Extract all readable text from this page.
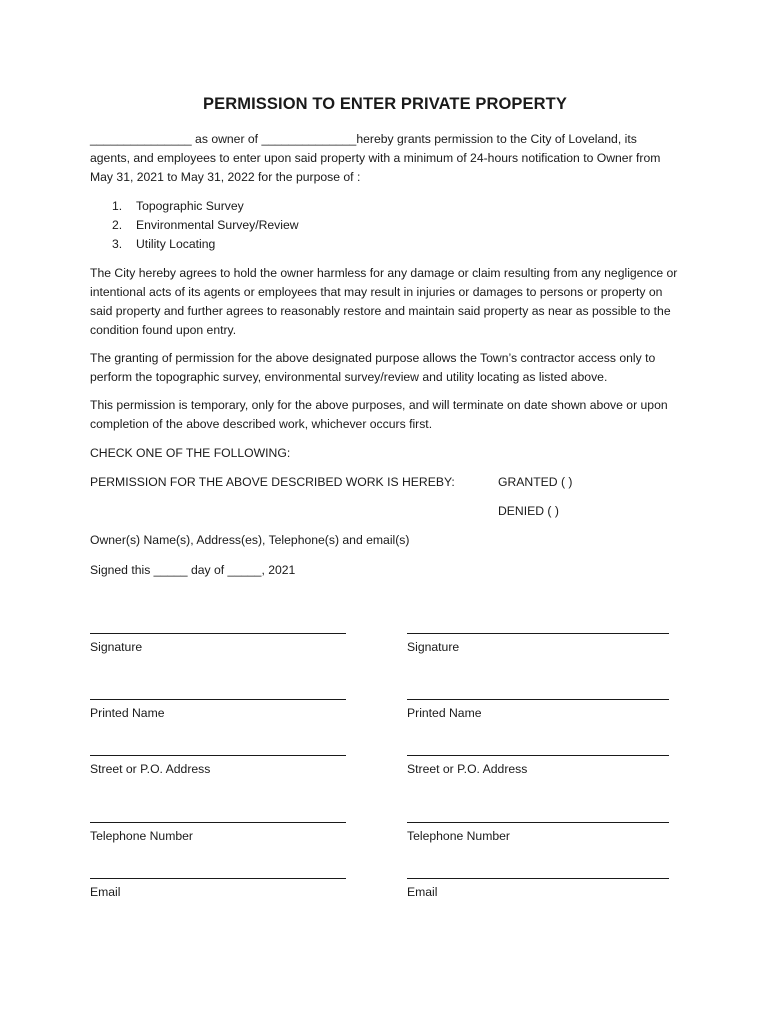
PERMISSION TO ENTER PRIVATE PROPERTY
_______________ as owner of ______________hereby grants permission to the City of Loveland, its agents, and employees to enter upon said property with a minimum of 24-hours notification to Owner from May 31, 2021 to May 31, 2022 for the purpose of :
1. Topographic Survey
2. Environmental Survey/Review
3. Utility Locating
The City hereby agrees to hold the owner harmless for any damage or claim resulting from any negligence or intentional acts of its agents or employees that may result in injuries or damages to persons or property on said property and further agrees to reasonably restore and maintain said property as near as possible to the condition found upon entry.
The granting of permission for the above designated purpose allows the Town’s contractor access only to perform the topographic survey, environmental survey/review and utility locating as listed above.
This permission is temporary, only for the above purposes, and will terminate on date shown above or upon completion of the above described work, whichever occurs first.
CHECK ONE OF THE FOLLOWING:
PERMISSION FOR THE ABOVE DESCRIBED WORK IS HEREBY:	GRANTED ( )
DENIED ( )
Owner(s) Name(s), Address(es), Telephone(s) and email(s)
Signed this _____ day of _____, 2021
Signature
Printed Name
Street or P.O. Address
Telephone Number
Email
Signature
Printed Name
Street or P.O. Address
Telephone Number
Email
